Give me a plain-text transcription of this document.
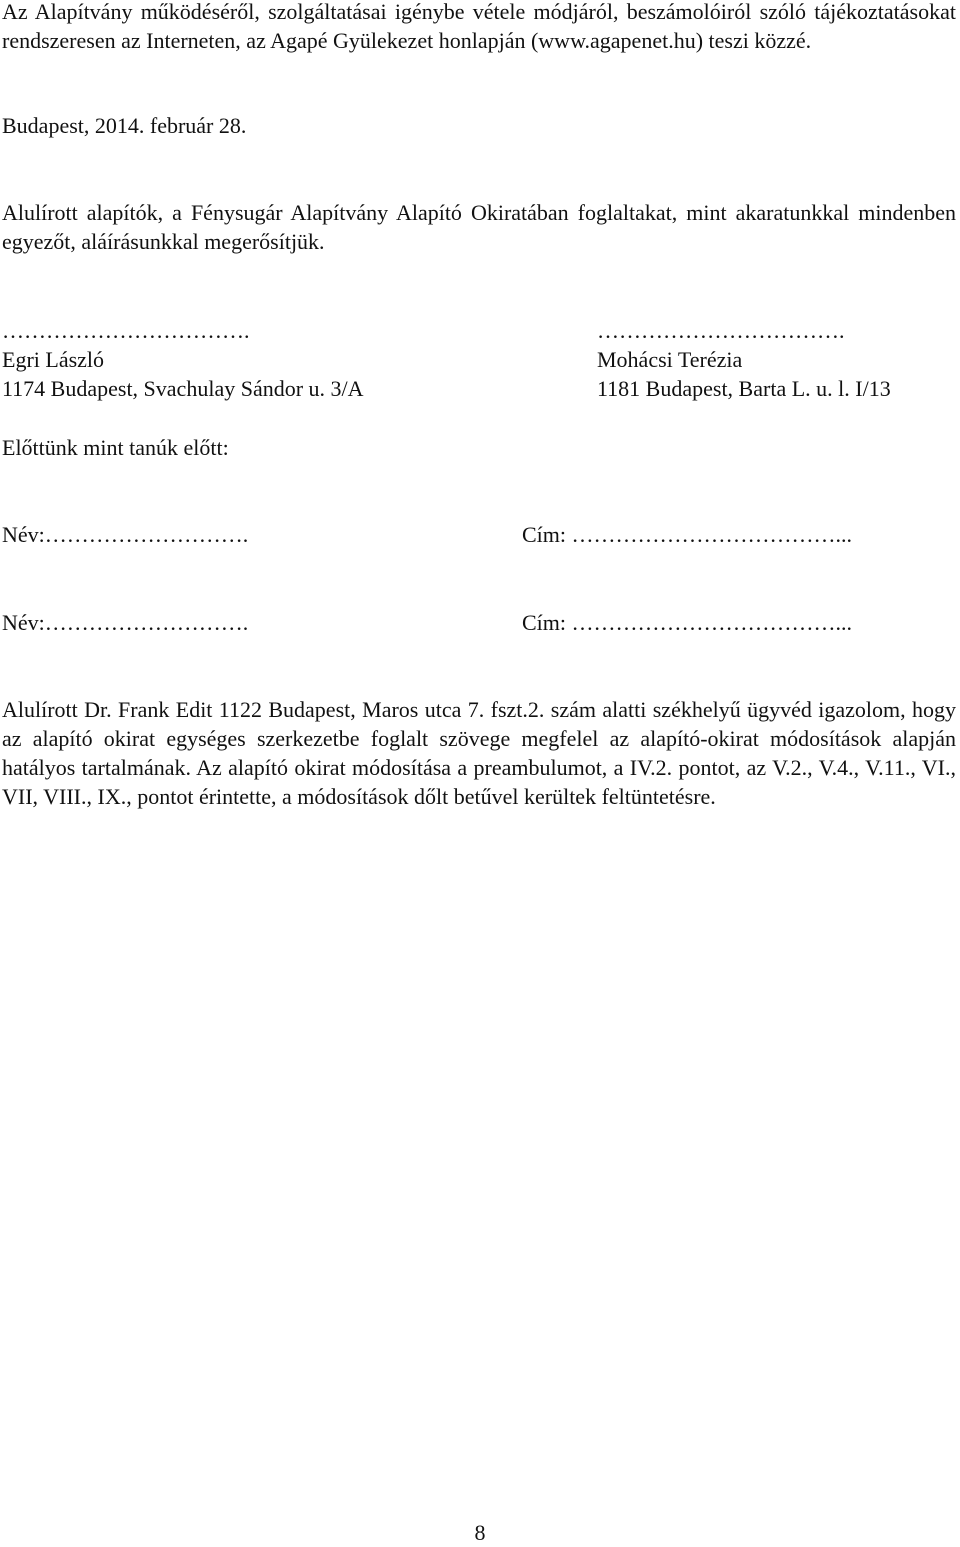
Az Alapítvány működéséről, szolgáltatásai igénybe vétele módjáról, beszámolóiról szóló tájékoztatásokat rendszeresen az Interneten, az Agapé Gyülekezet honlapján (www.agapenet.hu) teszi közzé.

Budapest, 2014. február 28.

Alulírott alapítók, a Fénysugár Alapítvány Alapító Okiratában foglaltakat, mint akaratunkkal mindenben egyezőt, aláírásunkkal megerősítjük.

…………………………….	…………………………….

Egri László	Mohácsi Terézia

1174 Budapest, Svachulay Sándor u. 3/A	1181 Budapest, Barta L. u. l. I/13

Előttünk mint tanúk előtt:

Név:……………………….	Cím: ………………………………...

Név:……………………….	Cím: ………………………………...

Alulírott Dr. Frank Edit 1122 Budapest, Maros utca 7. fszt.2. szám alatti székhelyű ügyvéd igazolom, hogy az alapító okirat egységes szerkezetbe foglalt szövege megfelel az alapító-okirat módosítások alapján hatályos tartalmának. Az alapító okirat módosítása a preambulumot, a IV.2. pontot, az V.2., V.4., V.11., VI., VII, VIII., IX., pontot érintette, a módosítások dőlt betűvel kerültek feltüntetésre.

8
